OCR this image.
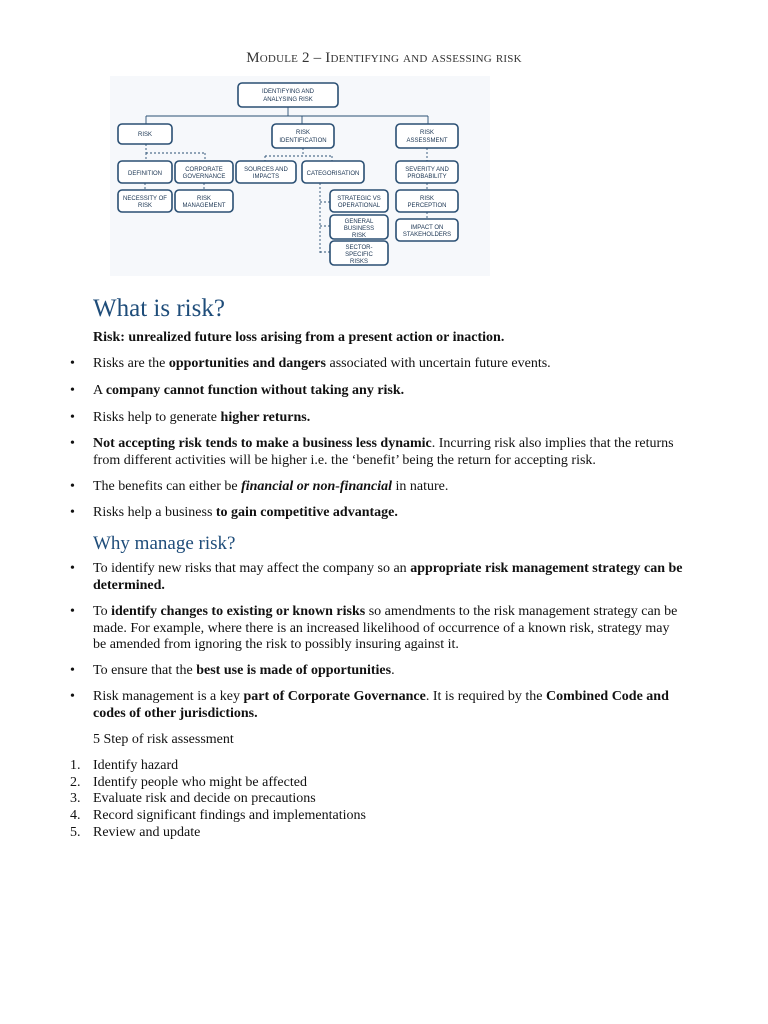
Module 2 – Identifying and assessing risk
IDENTIFYING AND
ANALYSING RISK
RISK	RISK
IDENTIFICATION
RISK
ASSESSMENT
DEFINITION
CORPORATE
GOVERNANCE
NECESSITY OF
RISK
RISK
MANAGEMENT
SOURCES AND
IMPACTS	CATEGORISATION
STRATEGIC VS
OPERATIONAL
GENERAL
BUSINESS
RISK
SECTOR-
SPECIFIC
RISKS
SEVERITY AND
PROBABILITY
RISK
PERCEPTION
IMPACT ON
STAKEHOLDERS
What is risk?
Risk: unrealized future loss arising from a present action or inaction.
• Risks are the opportunities and dangers associated with uncertain future events.
• A company cannot function without taking any risk.
• Risks help to generate higher returns.
• Not accepting risk tends to make a business less dynamic. Incurring risk also implies that the returns from different activities will be higher i.e. the ‘benefit’ being the return for accepting risk.
• The benefits can either be financial or non-financial in nature.
• Risks help a business to gain competitive advantage.
Why manage risk?
• To identify new risks that may affect the company so an appropriate risk management strategy can be determined.
• To identify changes to existing or known risks so amendments to the risk management strategy can be made. For example, where there is an increased likelihood of occurrence of a known risk, strategy may be amended from ignoring the risk to possibly insuring against it.
• To ensure that the best use is made of opportunities.
• Risk management is a key part of Corporate Governance. It is required by the Combined Code and codes of other jurisdictions.
5 Step of risk assessment
1. Identify hazard
2. Identify people who might be affected
3. Evaluate risk and decide on precautions
4. Record significant findings and implementations
5. Review and update
